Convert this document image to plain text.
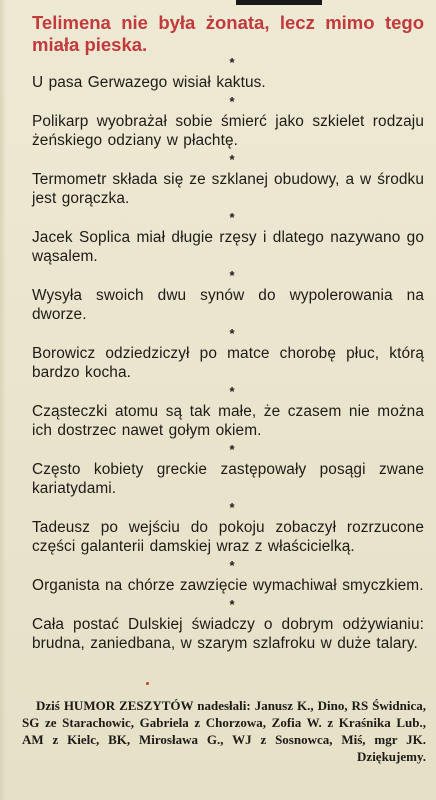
Telimena nie była żonata, lecz mimo tego miała pieska.
*
U pasa Gerwazego wisiał kaktus.
*
Polikarp wyobrażał sobie śmierć jako szkielet rodzaju żeńskiego odziany w płachtę.
*
Termometr składa się ze szklanej obudowy, a w środku jest gorączka.
*
Jacek Soplica miał długie rzęsy i dlatego nazywano go wąsalem.
*
Wysyła swoich dwu synów do wypolerowania na dworze.
*
Borowicz odziedziczył po matce chorobę płuc, którą bardzo kocha.
*
Cząsteczki atomu są tak małe, że czasem nie można ich dostrzec nawet gołym okiem.
*
Często kobiety greckie zastępowały posągi zwane kariatydami.
*
Tadeusz po wejściu do pokoju zobaczył rozrzucone części galanterii damskiej wraz z właścicielką.
*
Organista na chórze zawzięcie wymachiwał smyczkiem.
*
Cała postać Dulskiej świadczy o dobrym odżywianiu: brudna, zaniedbana, w szarym szlafroku w duże talary.
Dziś HUMOR ZESZYTÓW nadesłali: Janusz K., Dino, RS Świdnica, SG ze Starachowic, Gabriela z Chorzowa, Zofia W. z Kraśnika Lub., AM z Kielc, BK, Mirosława G., WJ z Sosnowca, Miś, mgr JK. Dziękujemy.
